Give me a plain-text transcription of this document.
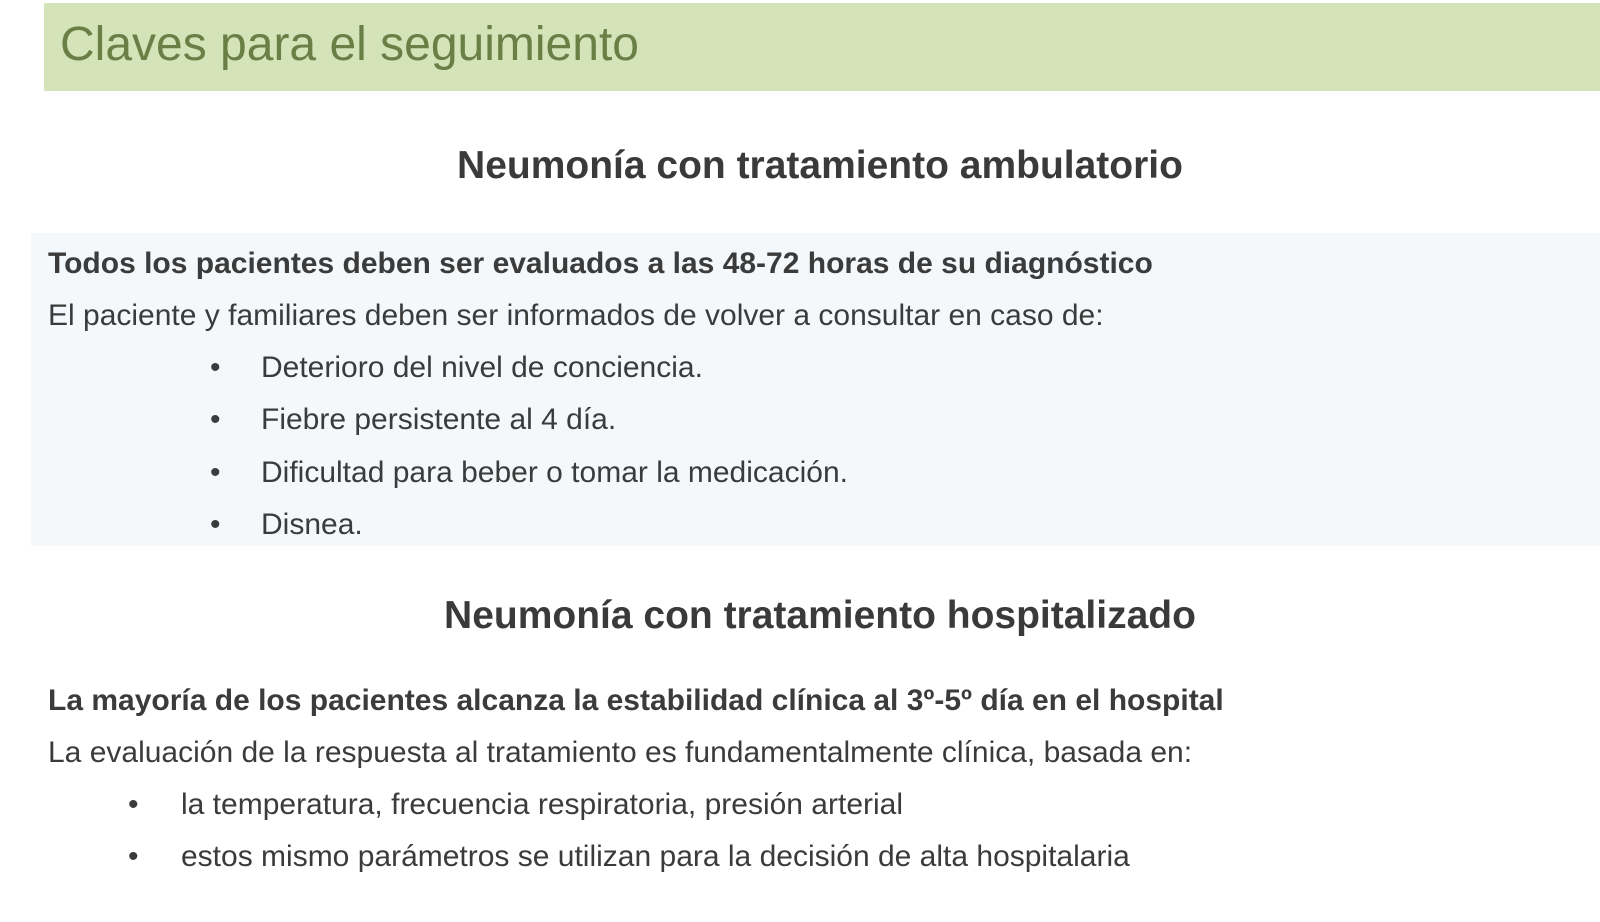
Claves para el seguimiento
Neumonía con tratamiento ambulatorio
Todos los pacientes deben ser evaluados a las 48-72 horas de su diagnóstico
El paciente y familiares deben ser informados de volver a consultar en caso de:
• Deterioro del nivel de conciencia.
• Fiebre persistente al 4 día.
• Dificultad para beber o tomar la medicación.
• Disnea.
Neumonía con tratamiento hospitalizado
La mayoría de los pacientes alcanza la estabilidad clínica al 3º-5º día en el hospital
La evaluación de la respuesta al tratamiento es fundamentalmente clínica, basada en:
• la temperatura, frecuencia respiratoria, presión arterial
• estos mismo parámetros se utilizan para la decisión de alta hospitalaria
